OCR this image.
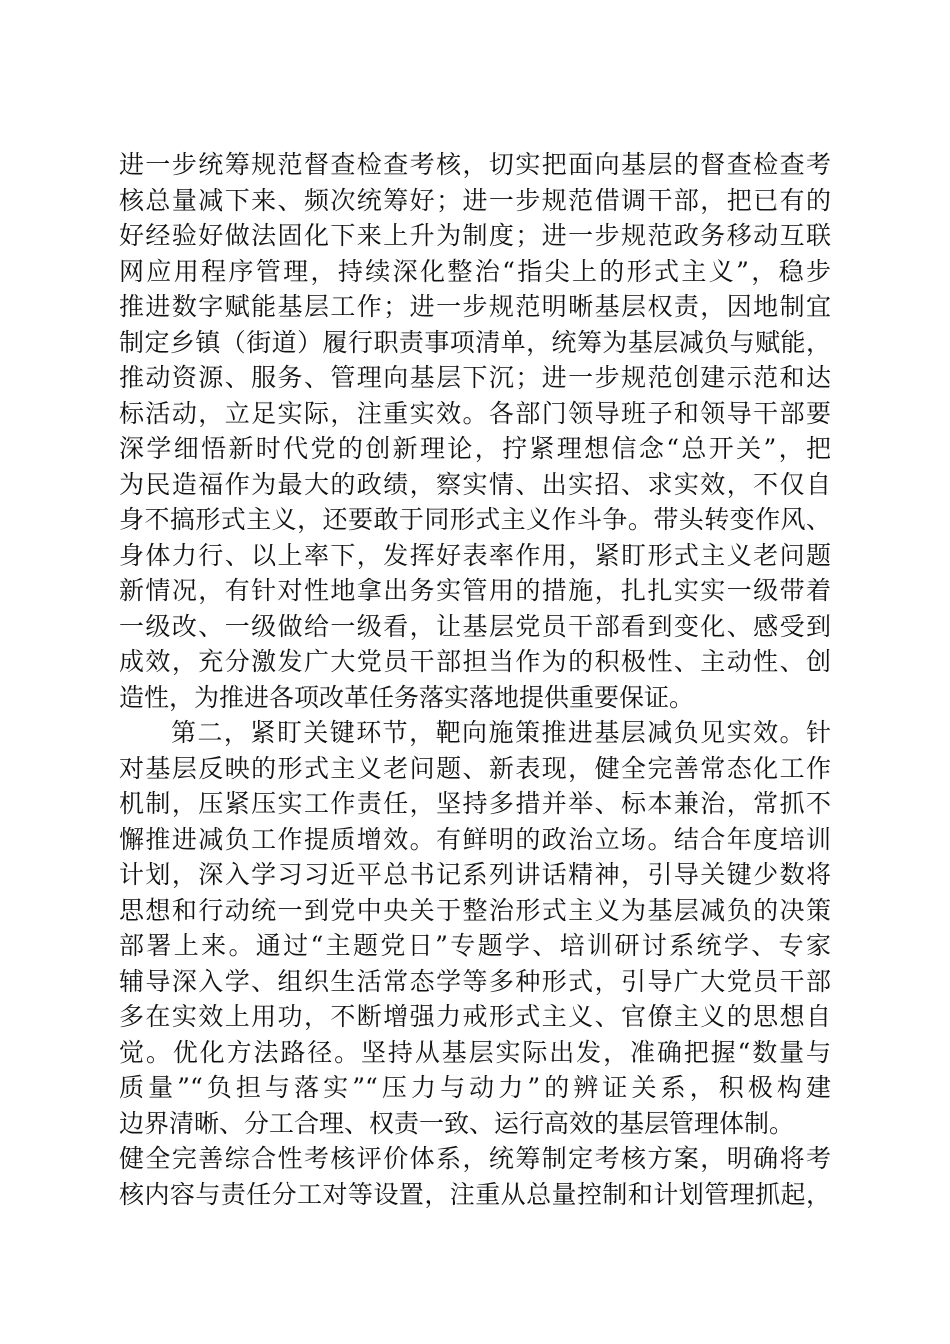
进一步统筹规范督查检查考核，切实把面向基层的督查检查考
核总量减下来、频次统筹好；进一步规范借调干部，把已有的
好经验好做法固化下来上升为制度；进一步规范政务移动互联
网应用程序管理，持续深化整治“指尖上的形式主义”，稳步
推进数字赋能基层工作；进一步规范明晰基层权责，因地制宜
制定乡镇（街道）履行职责事项清单，统筹为基层减负与赋能，
推动资源、服务、管理向基层下沉；进一步规范创建示范和达
标活动，立足实际，注重实效。各部门领导班子和领导干部要
深学细悟新时代党的创新理论，拧紧理想信念“总开关”，把
为民造福作为最大的政绩，察实情、出实招、求实效，不仅自
身不搞形式主义，还要敢于同形式主义作斗争。带头转变作风、
身体力行、以上率下，发挥好表率作用，紧盯形式主义老问题
新情况，有针对性地拿出务实管用的措施，扎扎实实一级带着
一级改、一级做给一级看，让基层党员干部看到变化、感受到
成效，充分激发广大党员干部担当作为的积极性、主动性、创
造性，为推进各项改革任务落实落地提供重要保证。
第二，紧盯关键环节，靶向施策推进基层减负见实效。针
对基层反映的形式主义老问题、新表现，健全完善常态化工作
机制，压紧压实工作责任，坚持多措并举、标本兼治，常抓不
懈推进减负工作提质增效。有鲜明的政治立场。结合年度培训
计划，深入学习习近平总书记系列讲话精神，引导关键少数将
思想和行动统一到党中央关于整治形式主义为基层减负的决策
部署上来。通过“主题党日”专题学、培训研讨系统学、专家
辅导深入学、组织生活常态学等多种形式，引导广大党员干部
多在实效上用功，不断增强力戒形式主义、官僚主义的思想自
觉。优化方法路径。坚持从基层实际出发，准确把握“数量与
质量”“负担与落实”“压力与动力”的辨证关系，积极构建
边界清晰、分工合理、权责一致、运行高效的基层管理体制。
健全完善综合性考核评价体系，统筹制定考核方案，明确将考
核内容与责任分工对等设置，注重从总量控制和计划管理抓起，
